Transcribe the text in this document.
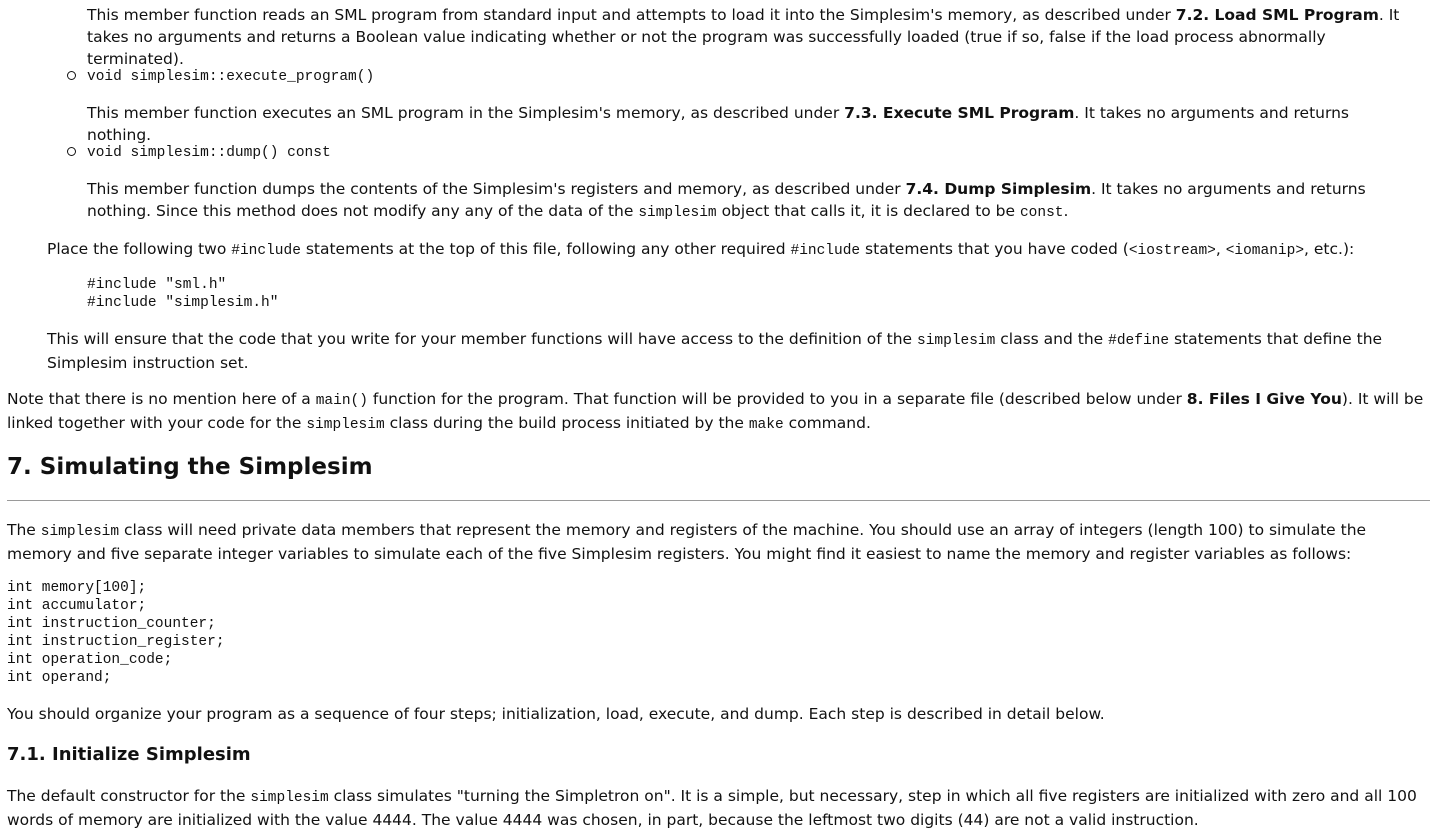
This member function reads an SML program from standard input and attempts to load it into the Simplesim's memory, as described under 7.2. Load SML Program. It takes no arguments and returns a Boolean value indicating whether or not the program was successfully loaded (true if so, false if the load process abnormally terminated).

void simplesim::execute_program()

This member function executes an SML program in the Simplesim's memory, as described under 7.3. Execute SML Program. It takes no arguments and returns nothing.

void simplesim::dump() const

This member function dumps the contents of the Simplesim's registers and memory, as described under 7.4. Dump Simplesim. It takes no arguments and returns nothing. Since this method does not modify any any of the data of the simplesim object that calls it, it is declared to be const.

Place the following two #include statements at the top of this file, following any other required #include statements that you have coded (<iostream>, <iomanip>, etc.):

#include "sml.h"
#include "simplesim.h"

This will ensure that the code that you write for your member functions will have access to the definition of the simplesim class and the #define statements that define the Simplesim instruction set.

Note that there is no mention here of a main() function for the program. That function will be provided to you in a separate file (described below under 8. Files I Give You). It will be linked together with your code for the simplesim class during the build process initiated by the make command.

7. Simulating the Simplesim

The simplesim class will need private data members that represent the memory and registers of the machine. You should use an array of integers (length 100) to simulate the memory and five separate integer variables to simulate each of the five Simplesim registers. You might find it easiest to name the memory and register variables as follows:

int memory[100];
int accumulator;
int instruction_counter;
int instruction_register;
int operation_code;
int operand;

You should organize your program as a sequence of four steps; initialization, load, execute, and dump. Each step is described in detail below.

7.1. Initialize Simplesim

The default constructor for the simplesim class simulates "turning the Simpletron on". It is a simple, but necessary, step in which all five registers are initialized with zero and all 100 words of memory are initialized with the value 4444. The value 4444 was chosen, in part, because the leftmost two digits (44) are not a valid instruction.
